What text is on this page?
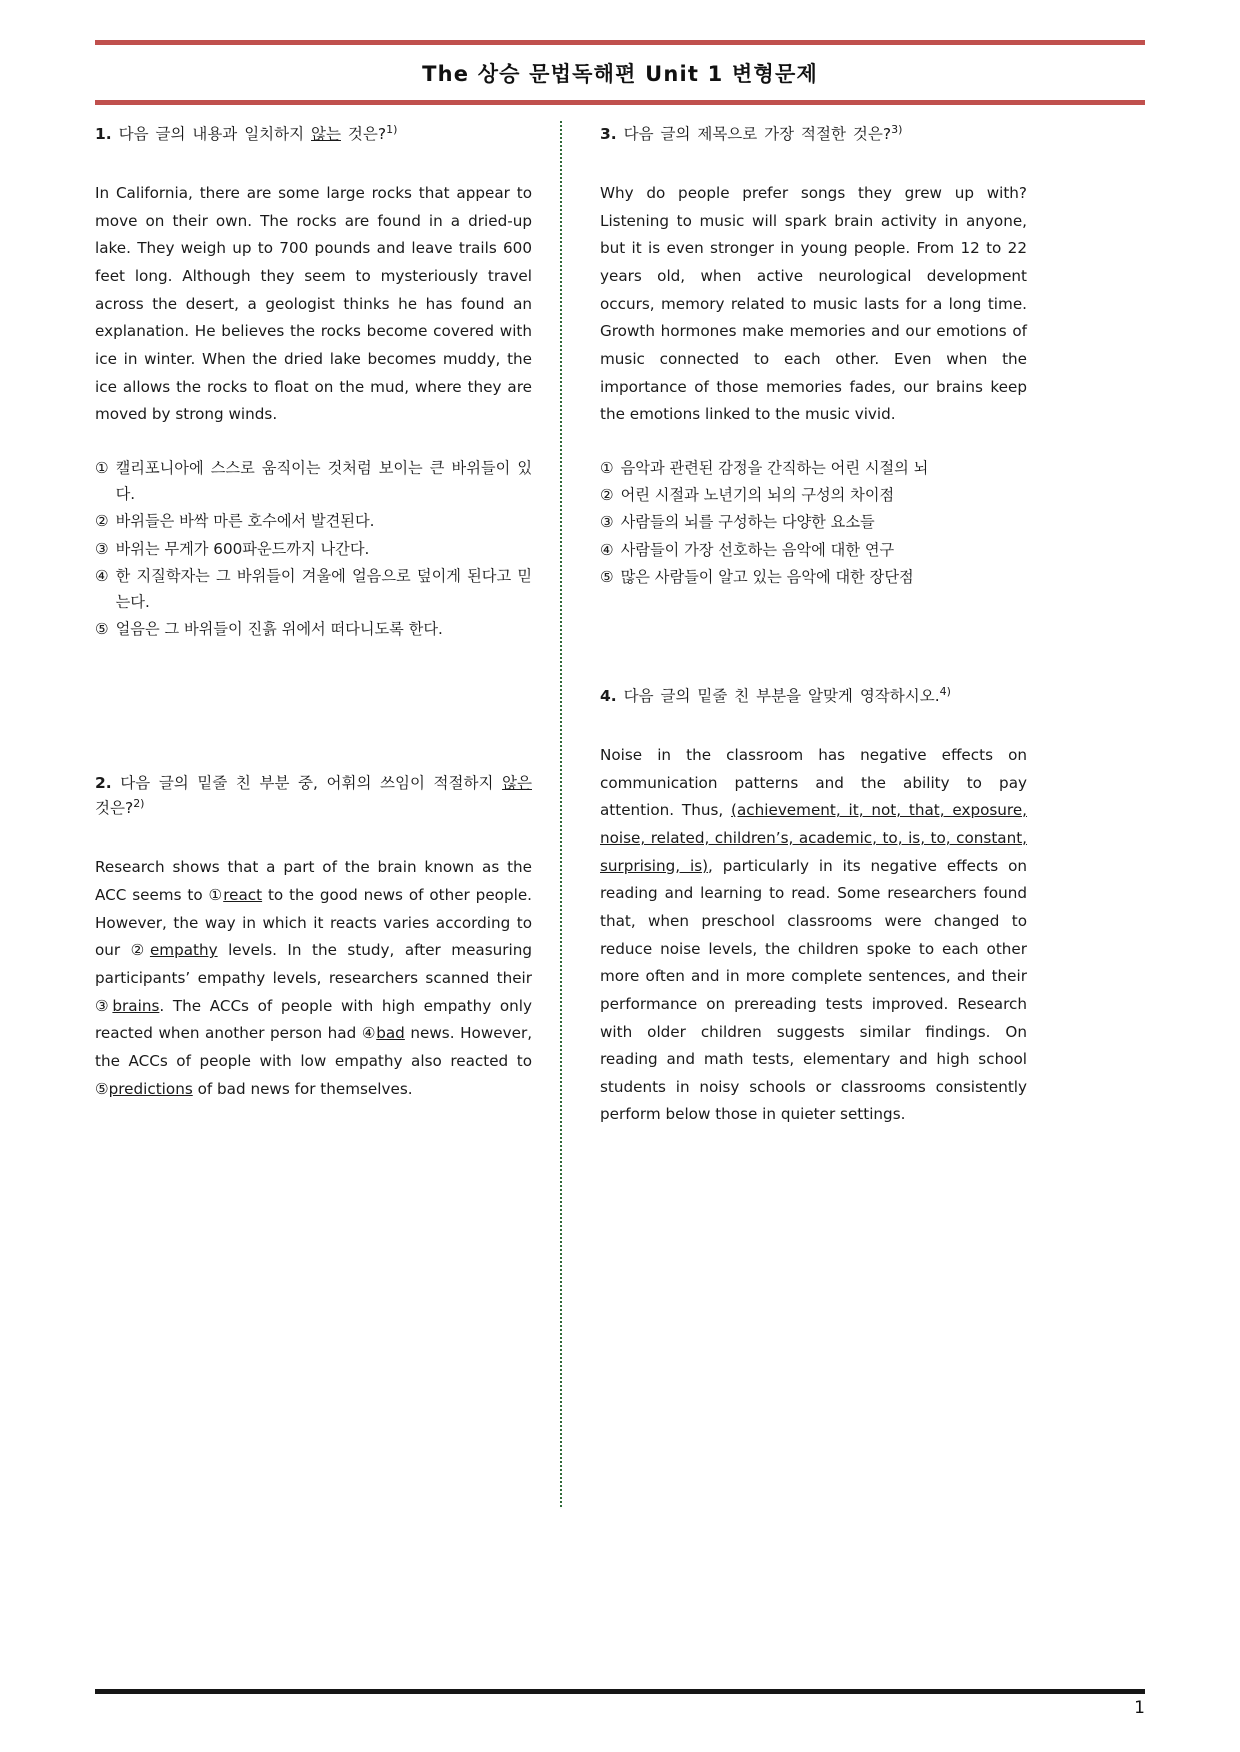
The 상승 문법독해편 Unit 1 변형문제
1. 다음 글의 내용과 일치하지 않는 것은?$^{1)}$
In California, there are some large rocks that appear to move on their own. The rocks are found in a dried-up lake. They weigh up to 700 pounds and leave trails 600 feet long. Although they seem to mysteriously travel across the desert, a geologist thinks he has found an explanation. He believes the rocks become covered with ice in winter. When the dried lake becomes muddy, the ice allows the rocks to float on the mud, where they are moved by strong winds.
① 캘리포니아에 스스로 움직이는 것처럼 보이는 큰 바위들이 있다.
② 바위들은 바싹 마른 호수에서 발견된다.
③ 바위는 무게가 600파운드까지 나간다.
④ 한 지질학자는 그 바위들이 겨울에 얼음으로 덮이게 된다고 믿는다.
⑤ 얼음은 그 바위들이 진흙 위에서 떠다니도록 한다.
2. 다음 글의 밑줄 친 부분 중, 어휘의 쓰임이 적절하지 않은 것은?$^{2)}$
Research shows that a part of the brain known as the ACC seems to ①react to the good news of other people. However, the way in which it reacts varies according to our ②empathy levels. In the study, after measuring participants’ empathy levels, researchers scanned their ③brains. The ACCs of people with high empathy only reacted when another person had ④bad news. However, the ACCs of people with low empathy also reacted to ⑤predictions of bad news for themselves.
3. 다음 글의 제목으로 가장 적절한 것은?$^{3)}$
Why do people prefer songs they grew up with? Listening to music will spark brain activity in anyone, but it is even stronger in young people. From 12 to 22 years old, when active neurological development occurs, memory related to music lasts for a long time. Growth hormones make memories and our emotions of music connected to each other. Even when the importance of those memories fades, our brains keep the emotions linked to the music vivid.
① 음악과 관련된 감정을 간직하는 어린 시절의 뇌
② 어린 시절과 노년기의 뇌의 구성의 차이점
③ 사람들의 뇌를 구성하는 다양한 요소들
④ 사람들이 가장 선호하는 음악에 대한 연구
⑤ 많은 사람들이 알고 있는 음악에 대한 장단점
4. 다음 글의 밑줄 친 부분을 알맞게 영작하시오.$^{4)}$
Noise in the classroom has negative effects on communication patterns and the ability to pay attention. Thus, (achievement, it, not, that, exposure, noise, related, children’s, academic, to, is, to, constant, surprising, is), particularly in its negative effects on reading and learning to read. Some researchers found that, when preschool classrooms were changed to reduce noise levels, the children spoke to each other more often and in more complete sentences, and their performance on prereading tests improved. Research with older children suggests similar findings. On reading and math tests, elementary and high school students in noisy schools or classrooms consistently perform below those in quieter settings.
1
